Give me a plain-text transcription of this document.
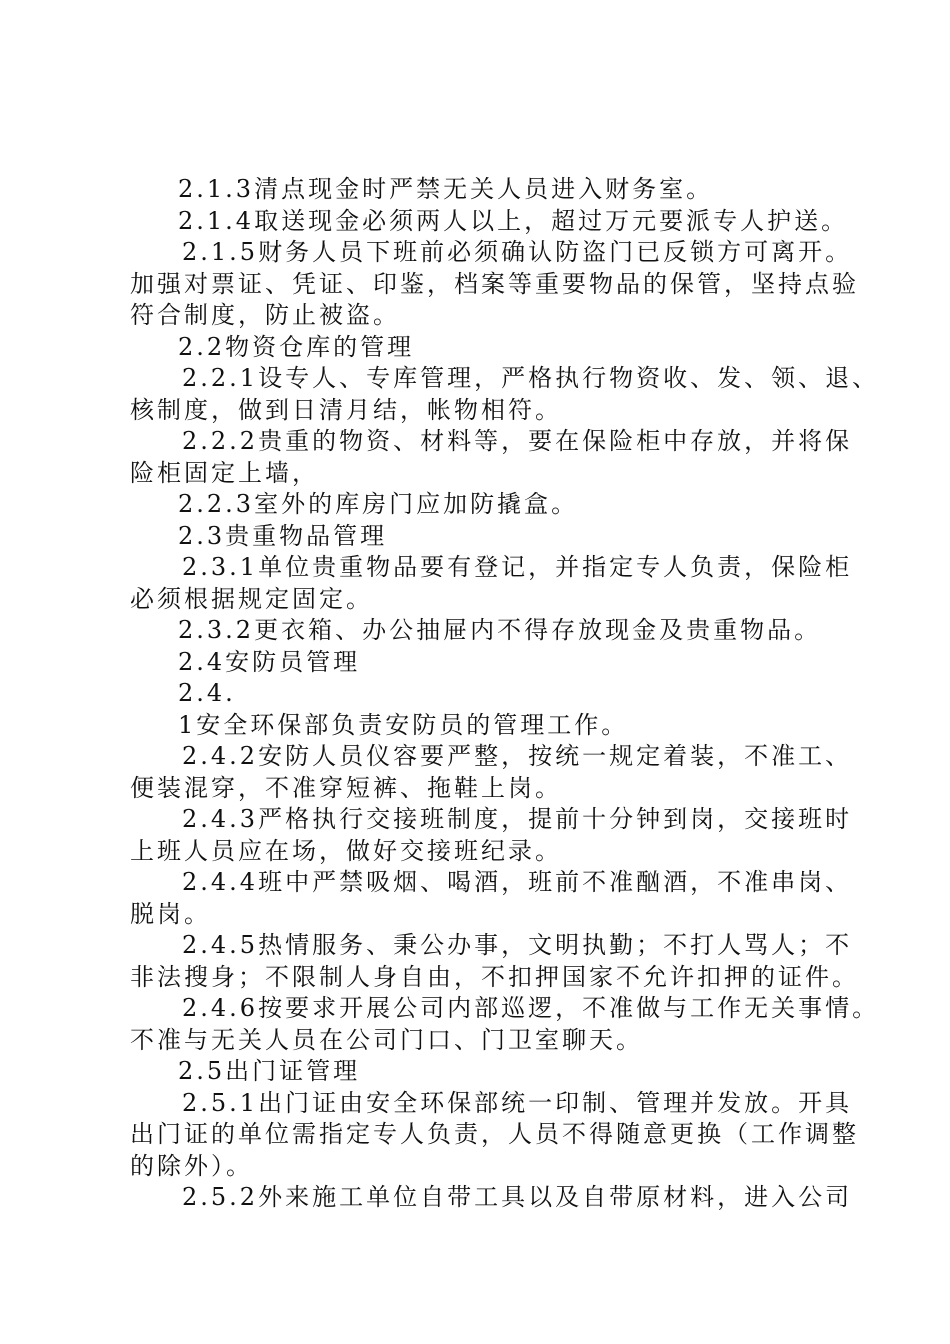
2.1.3清点现金时严禁无关人员进入财务室。
2.1.4取送现金必须两人以上，超过万元要派专人护送。
2.1.5财务人员下班前必须确认防盗门已反锁方可离开。
加强对票证、凭证、印鉴，档案等重要物品的保管，坚持点验
符合制度，防止被盗。
2.2物资仓库的管理
2.2.1设专人、专库管理，严格执行物资收、发、领、退、
核制度，做到日清月结，帐物相符。
2.2.2贵重的物资、材料等，要在保险柜中存放，并将保
险柜固定上墙，
2.2.3室外的库房门应加防撬盒。
2.3贵重物品管理
2.3.1单位贵重物品要有登记，并指定专人负责，保险柜
必须根据规定固定。
2.3.2更衣箱、办公抽屉内不得存放现金及贵重物品。
2.4安防员管理
2.4.
1安全环保部负责安防员的管理工作。
2.4.2安防人员仪容要严整，按统一规定着装，不准工、
便装混穿，不准穿短裤、拖鞋上岗。
2.4.3严格执行交接班制度，提前十分钟到岗，交接班时
上班人员应在场，做好交接班纪录。
2.4.4班中严禁吸烟、喝酒，班前不准酗酒，不准串岗、
脱岗。
2.4.5热情服务、秉公办事，文明执勤；不打人骂人；不
非法搜身；不限制人身自由，不扣押国家不允许扣押的证件。
2.4.6按要求开展公司内部巡逻，不准做与工作无关事情。
不准与无关人员在公司门口、门卫室聊天。
2.5出门证管理
2.5.1出门证由安全环保部统一印制、管理并发放。开具
出门证的单位需指定专人负责，人员不得随意更换（工作调整
的除外）。
2.5.2外来施工单位自带工具以及自带原材料，进入公司
